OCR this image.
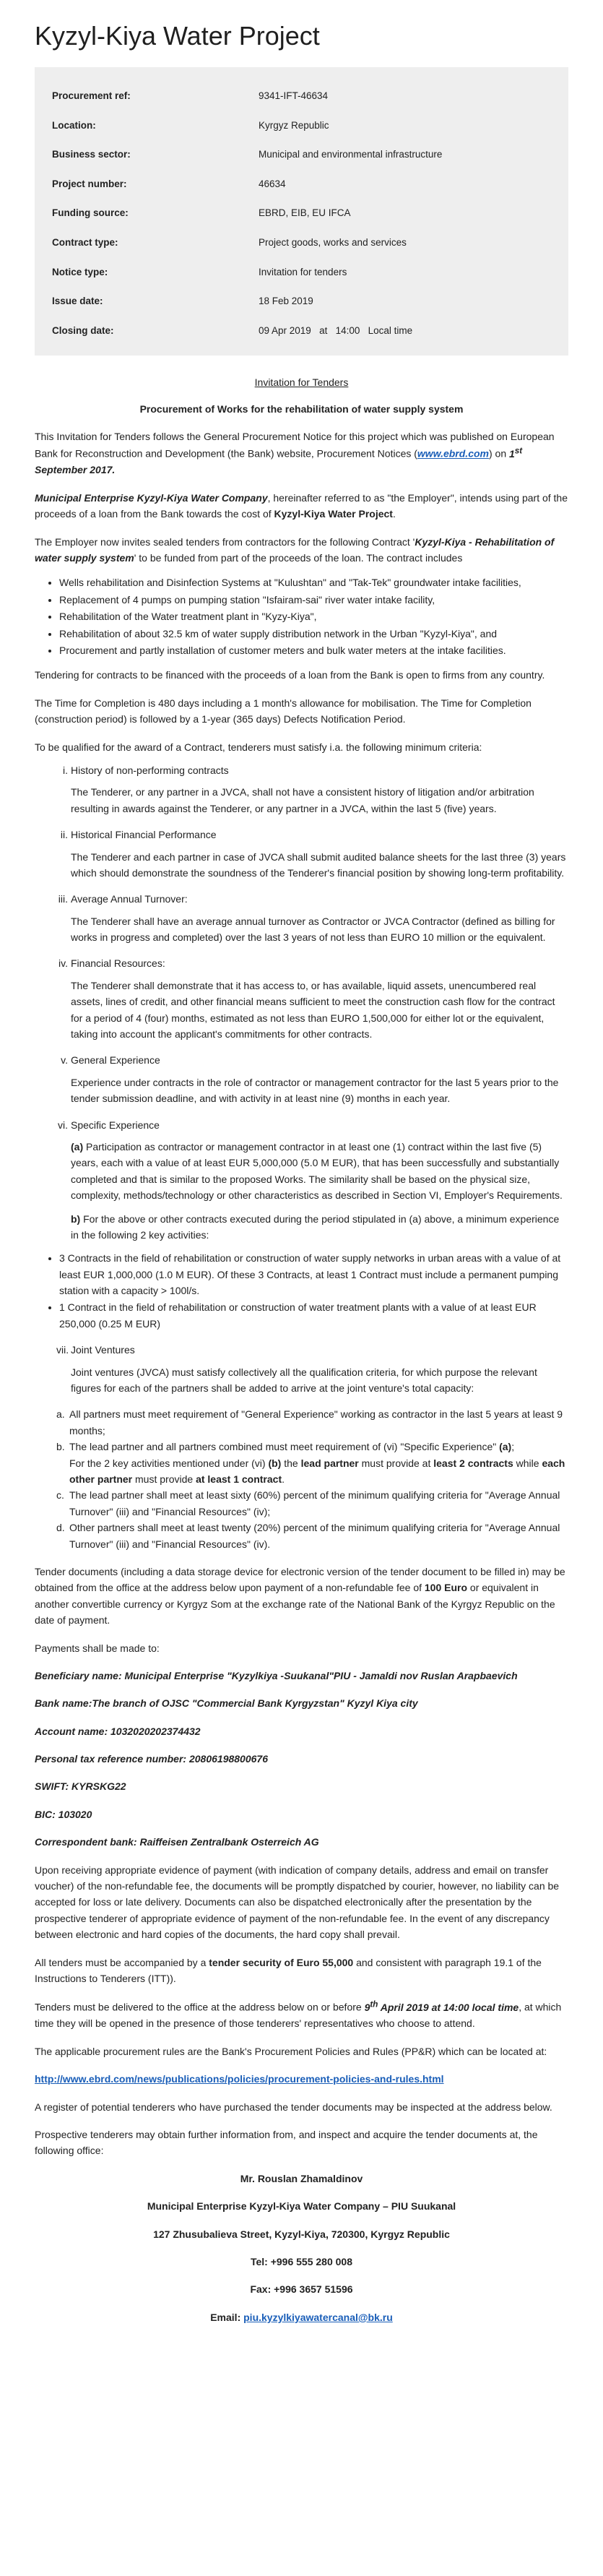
Kyzyl-Kiya Water Project
Procurement ref:	9341-IFT-46634
Location:	Kyrgyz Republic
Business sector:	Municipal and environmental infrastructure
Project number:	46634
Funding source:	EBRD, EIB, EU IFCA
Contract type:	Project goods, works and services
Notice type:	Invitation for tenders
Issue date:	18 Feb 2019
Closing date:	09 Apr 2019   at   14:00   Local time
Invitation for Tenders
Procurement of Works for the rehabilitation of water supply system

This Invitation for Tenders follows the General Procurement Notice for this project which was published on European Bank for Reconstruction and Development (the Bank) website, Procurement Notices (www.ebrd.com) on 1st September 2017.

Municipal Enterprise Kyzyl-Kiya Water Company, hereinafter referred to as "the Employer", intends using part of the proceeds of a loan from the Bank towards the cost of Kyzyl-Kiya Water Project.

The Employer now invites sealed tenders from contractors for the following Contract 'Kyzyl-Kiya - Rehabilitation of water supply system' to be funded from part of the proceeds of the loan. The contract includes

• Wells rehabilitation and Disinfection Systems at "Kulushtan" and "Tak-Tek" groundwater intake facilities,
• Replacement of 4 pumps on pumping station "Isfairam-sai" river water intake facility,
• Rehabilitation of the Water treatment plant in "Kyzy-Kiya",
• Rehabilitation of about 32.5 km of water supply distribution network in the Urban "Kyzyl-Kiya", and
• Procurement and partly installation of customer meters and bulk water meters at the intake facilities.

Tendering for contracts to be financed with the proceeds of a loan from the Bank is open to firms from any country.

The Time for Completion is 480 days including a 1 month's allowance for mobilisation. The Time for Completion (construction period) is followed by a 1-year (365 days) Defects Notification Period.

To be qualified for the award of a Contract, tenderers must satisfy i.a. the following minimum criteria:

i. History of non-performing contracts

The Tenderer, or any partner in a JVCA, shall not have a consistent history of litigation and/or arbitration resulting in awards against the Tenderer, or any partner in a JVCA, within the last 5 (five) years.

ii. Historical Financial Performance

The Tenderer and each partner in case of JVCA shall submit audited balance sheets for the last three (3) years which should demonstrate the soundness of the Tenderer's financial position by showing long-term profitability.

iii. Average Annual Turnover:

The Tenderer shall have an average annual turnover as Contractor or JVCA Contractor (defined as billing for works in progress and completed) over the last 3 years of not less than EURO 10 million or the equivalent.

iv. Financial Resources:

The Tenderer shall demonstrate that it has access to, or has available, liquid assets, unencumbered real assets, lines of credit, and other financial means sufficient to meet the construction cash flow for the contract for a period of 4 (four) months, estimated as not less than EURO 1,500,000 for either lot or the equivalent, taking into account the applicant's commitments for other contracts.

v. General Experience

Experience under contracts in the role of contractor or management contractor for the last 5 years prior to the tender submission deadline, and with activity in at least nine (9) months in each year.

vi. Specific Experience

(a) Participation as contractor or management contractor in at least one (1) contract within the last five (5) years, each with a value of at least EUR 5,000,000 (5.0 M EUR), that has been successfully and substantially completed and that is similar to the proposed Works. The similarity shall be based on the physical size, complexity, methods/technology or other characteristics as described in Section VI, Employer's Requirements.

b) For the above or other contracts executed during the period stipulated in (a) above, a minimum experience in the following 2 key activities:

• 3 Contracts in the field of rehabilitation or construction of water supply networks in urban areas with a value of at least EUR 1,000,000 (1.0 M EUR). Of these 3 Contracts, at least 1 Contract must include a permanent pumping station with a capacity > 100l/s.
• 1 Contract in the field of rehabilitation or construction of water treatment plants with a value of at least EUR 250,000 (0.25 M EUR)
vii. Joint Ventures

Joint ventures (JVCA) must satisfy collectively all the qualification criteria, for which purpose the relevant figures for each of the partners shall be added to arrive at the joint venture's total capacity:

a. All partners must meet requirement of "General Experience" working as contractor in the last 5 years at least 9 months;
b. The lead partner and all partners combined must meet requirement of (vi) "Specific Experience" (a);
For the 2 key activities mentioned under (vi) (b) the lead partner must provide at least 2 contracts while each other partner must provide at least 1 contract.
c. The lead partner shall meet at least sixty (60%) percent of the minimum qualifying criteria for "Average Annual Turnover" (iii) and "Financial Resources" (iv);
d. Other partners shall meet at least twenty (20%) percent of the minimum qualifying criteria for "Average Annual Turnover" (iii) and "Financial Resources" (iv).

Tender documents (including a data storage device for electronic version of the tender document to be filled in) may be obtained from the office at the address below upon payment of a non-refundable fee of 100 Euro or equivalent in another convertible currency or Kyrgyz Som at the exchange rate of the National Bank of the Kyrgyz Republic on the date of payment.

Payments shall be made to:

Beneficiary name: Municipal Enterprise "Kyzylkiya -Suukanal"PIU - Jamaldi nov Ruslan Arapbaevich
Bank name:The branch of OJSC "Commercial Bank Kyrgyzstan" Kyzyl Kiya city
Account name: 1032020202374432
Personal tax reference number: 20806198800676
SWIFT: KYRSKG22
BIC: 103020
Correspondent bank: Raiffeisen Zentralbank Osterreich AG

Upon receiving appropriate evidence of payment (with indication of company details, address and email on transfer voucher) of the non-refundable fee, the documents will be promptly dispatched by courier, however, no liability can be accepted for loss or late delivery. Documents can also be dispatched electronically after the presentation by the prospective tenderer of appropriate evidence of payment of the non-refundable fee. In the event of any discrepancy between electronic and hard copies of the documents, the hard copy shall prevail.

All tenders must be accompanied by a tender security of Euro 55,000 and consistent with paragraph 19.1 of the Instructions to Tenderers (ITT)).

Tenders must be delivered to the office at the address below on or before 9th April 2019 at 14:00 local time, at which time they will be opened in the presence of those tenderers' representatives who choose to attend.

The applicable procurement rules are the Bank's Procurement Policies and Rules (PP&R) which can be located at:

http://www.ebrd.com/news/publications/policies/procurement-policies-and-rules.html

A register of potential tenderers who have purchased the tender documents may be inspected at the address below.

Prospective tenderers may obtain further information from, and inspect and acquire the tender documents at, the following office:

Mr. Rouslan Zhamaldinov
Municipal Enterprise Kyzyl-Kiya Water Company – PIU Suukanal
127 Zhusubalieva Street, Kyzyl-Kiya, 720300, Kyrgyz Republic
Tel: +996 555 280 008
Fax: +996 3657 51596
Email: piu.kyzylkiyawatercanal@bk.ru
